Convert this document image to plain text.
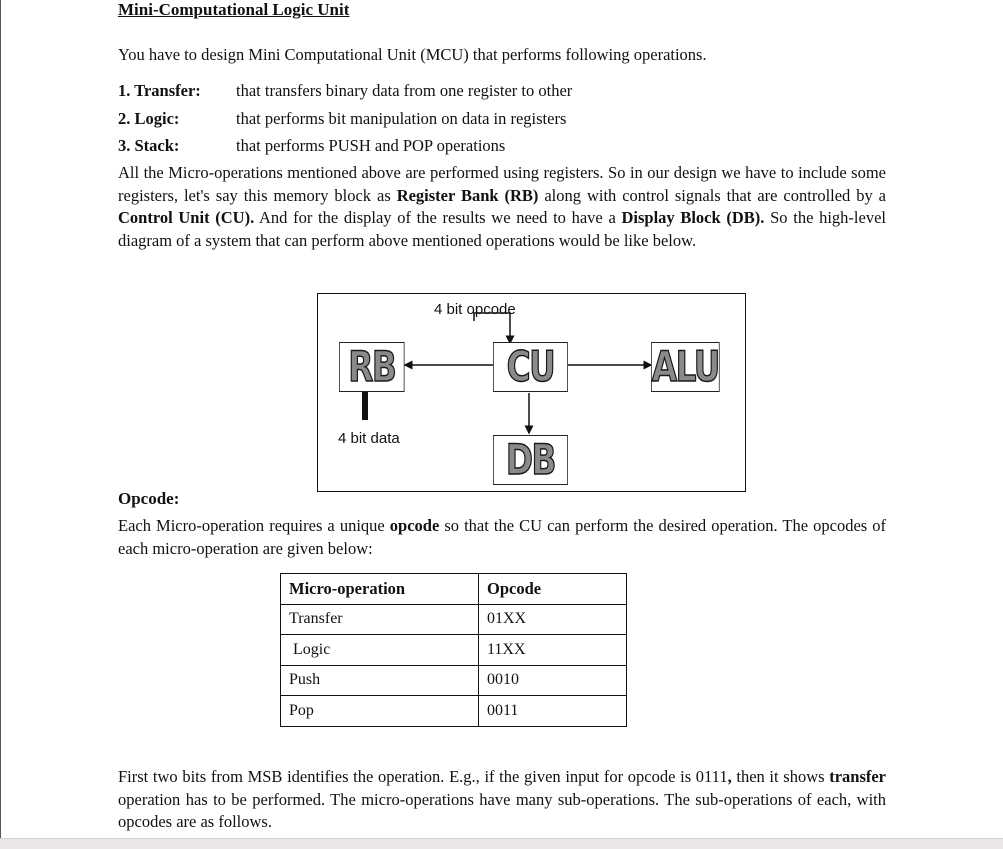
Mini-Computational Logic Unit
You have to design Mini Computational Unit (MCU) that performs following operations.
1. Transfer: that transfers binary data from one register to other
2. Logic:	that performs bit manipulation on data in registers
3. Stack:	that performs PUSH and POP operations
All the Micro-operations mentioned above are performed using registers. So in our design we have to include some registers, let's say this memory block as Register Bank (RB) along with control signals that are controlled by a Control Unit (CU). And for the display of the results we need to have a Display Block (DB). So the high-level diagram of a system that can perform above mentioned operations would be like below.
4 bit opcode
4 bit data
RB	CU	ALU
DB
Opcode:
Each Micro-operation requires a unique opcode so that the CU can perform the desired operation. The opcodes of each micro-operation are given below:
Micro-operation	Opcode
Transfer	01XX
Logic	11XX
Push	0010
Pop	0011
First two bits from MSB identifies the operation. E.g., if the given input for opcode is 0111, then it shows transfer operation has to be performed. The micro-operations have many sub-operations. The sub-operations of each, with opcodes are as follows.
